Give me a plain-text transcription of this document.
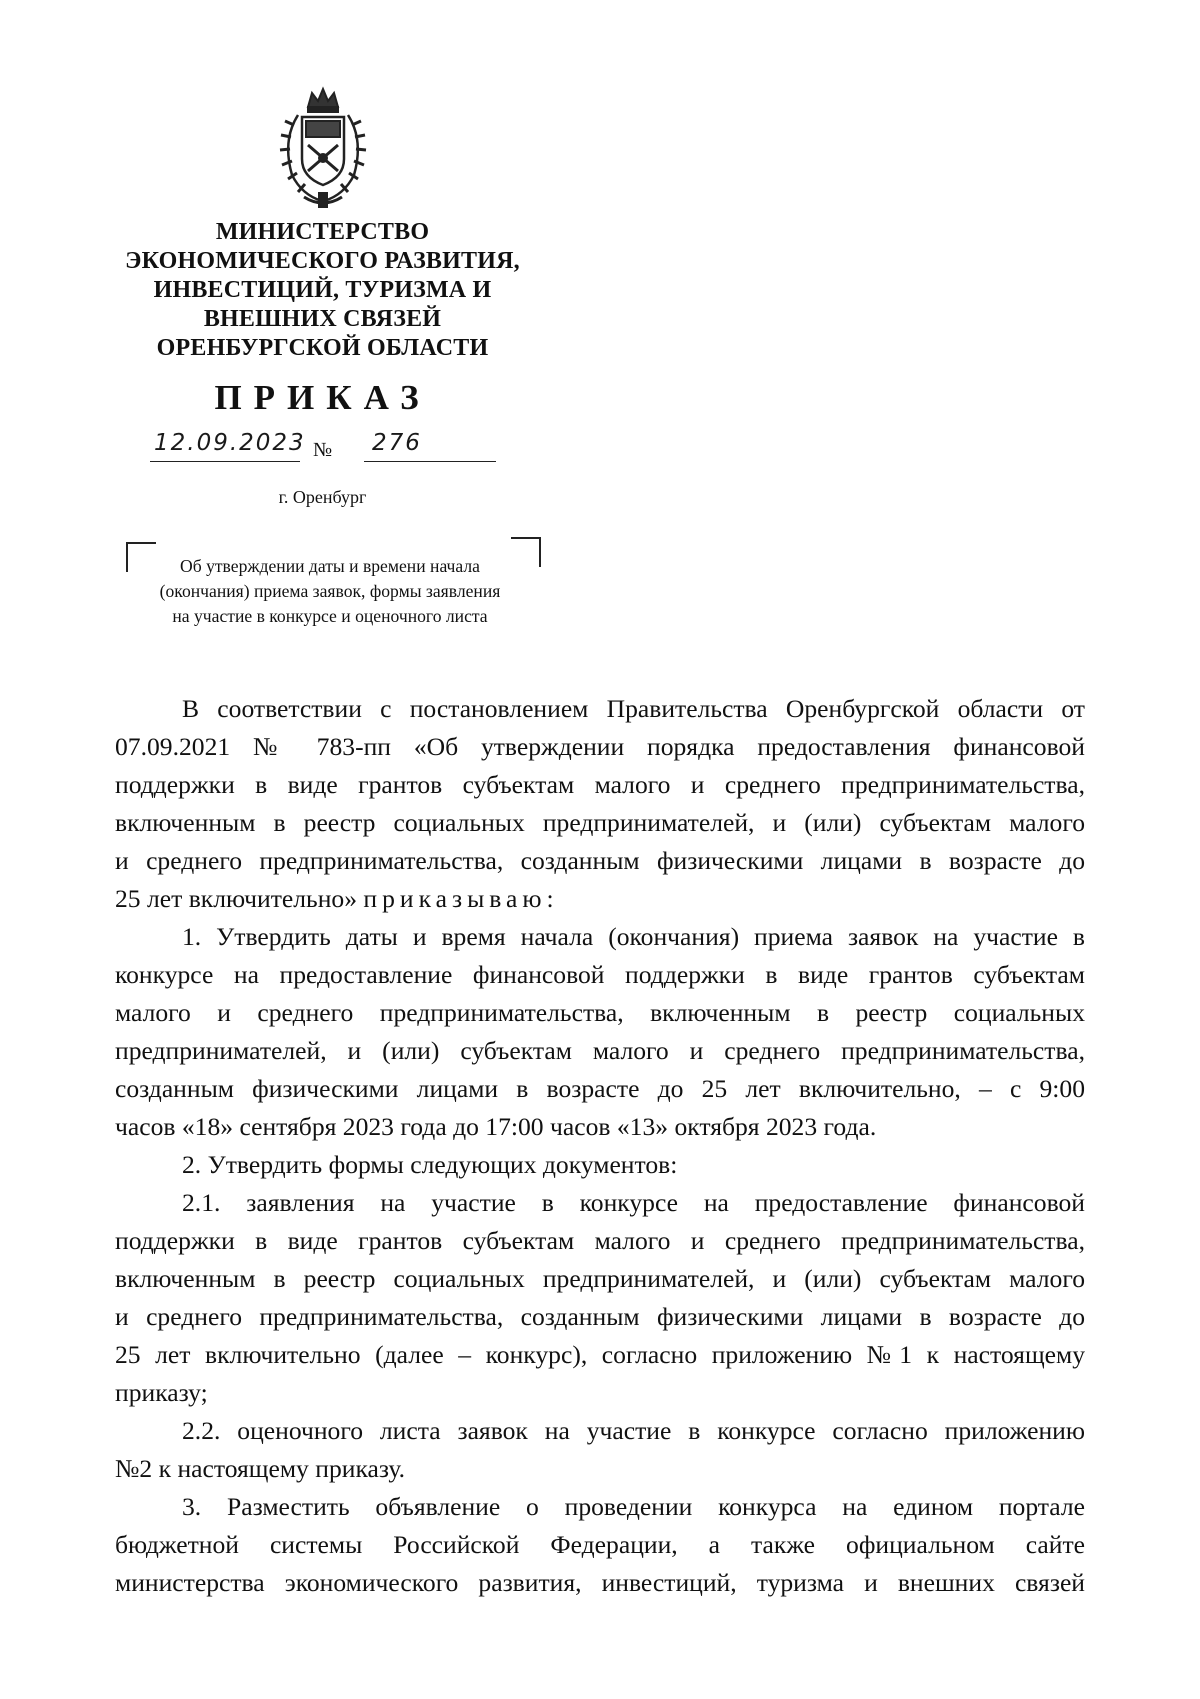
МИНИСТЕРСТВО
ЭКОНОМИЧЕСКОГО РАЗВИТИЯ,
ИНВЕСТИЦИЙ, ТУРИЗМА И
ВНЕШНИХ СВЯЗЕЙ
ОРЕНБУРГСКОЙ ОБЛАСТИ
ПРИКАЗ
12.09.2023 № 276
г. Оренбург
Об утверждении даты и времени начала
(окончания) приема заявок, формы заявления
на участие в конкурсе и оценочного листа

В соответствии с постановлением Правительства Оренбургской области от

07.09.2021 № 783-пп «Об утверждении порядка предоставления финансовой

поддержки в виде грантов субъектам малого и среднего предпринимательства,

включенным в реестр социальных предпринимателей, и (или) субъектам малого

и среднего предпринимательства, созданным физическими лицами в возрасте до

25 лет включительно» приказываю:

1. Утвердить даты и время начала (окончания) приема заявок на участие в

конкурсе на предоставление финансовой поддержки в виде грантов субъектам

малого и среднего предпринимательства, включенным в реестр социальных

предпринимателей, и (или) субъектам малого и среднего предпринимательства,

созданным физическими лицами в возрасте до 25 лет включительно, – с 9:00

часов «18» сентября 2023 года до 17:00 часов «13» октября 2023 года.

2. Утвердить формы следующих документов:

2.1. заявления на участие в конкурсе на предоставление финансовой

поддержки в виде грантов субъектам малого и среднего предпринимательства,

включенным в реестр социальных предпринимателей, и (или) субъектам малого

и среднего предпринимательства, созданным физическими лицами в возрасте до

25 лет включительно (далее – конкурс), согласно приложению №1 к настоящему

приказу;

2.2. оценочного листа заявок на участие в конкурсе согласно приложению

№2 к настоящему приказу.

3. Разместить объявление о проведении конкурса на едином портале

бюджетной системы Российской Федерации, а также официальном сайте

министерства экономического развития, инвестиций, туризма и внешних связей
